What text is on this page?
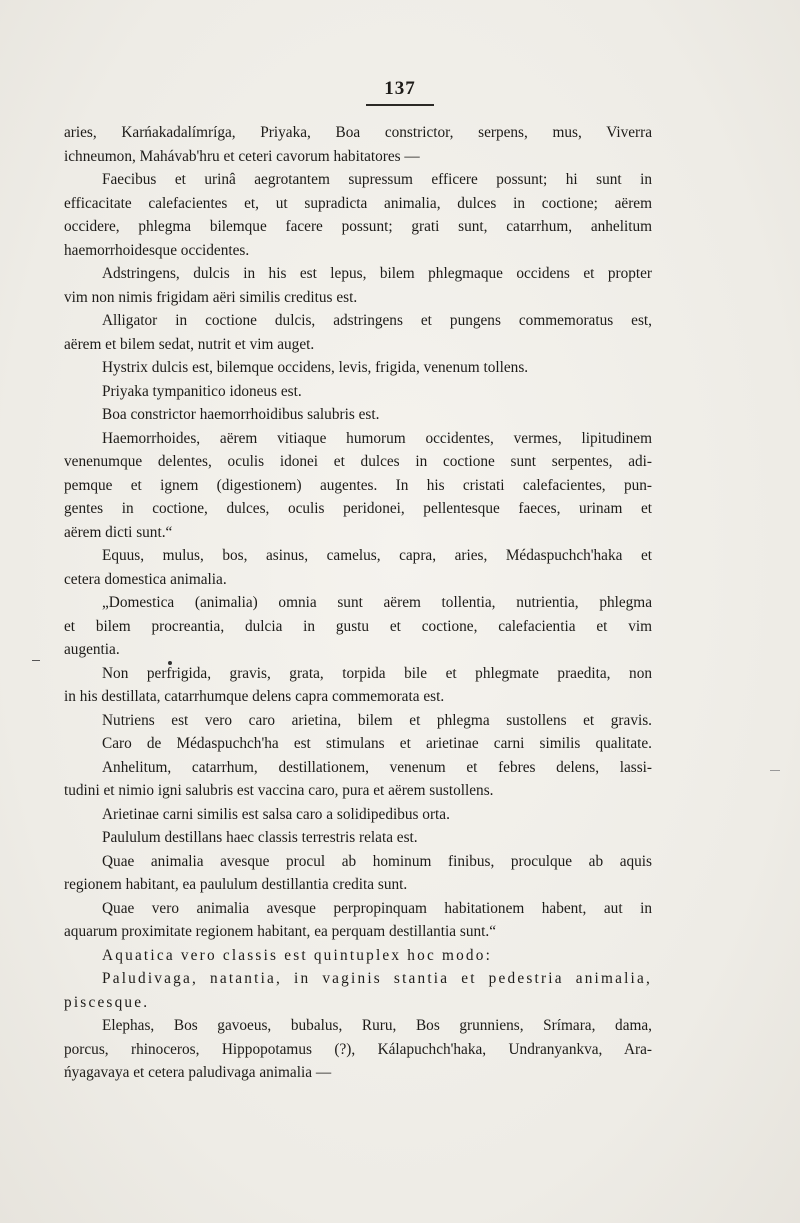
137
aries, Karńakadalímríga, Priyaka, Boa constrictor, serpens, mus, Viverra
ichneumon, Mahávab'hru et ceteri cavorum habitatores —
Faecibus et urinâ aegrotantem supressum efficere possunt; hi sunt in
efficacitate calefacientes et, ut supradicta animalia, dulces in coctione; aërem
occidere, phlegma bilemque facere possunt; grati sunt, catarrhum, anhelitum
haemorrhoidesque occidentes.
Adstringens, dulcis in his est lepus, bilem phlegmaque occidens et propter
vim non nimis frigidam aëri similis creditus est.
Alligator in coctione dulcis, adstringens et pungens commemoratus est,
aërem et bilem sedat, nutrit et vim auget.
Hystrix dulcis est, bilemque occidens, levis, frigida, venenum tollens.
Priyaka tympanitico idoneus est.
Boa constrictor haemorrhoidibus salubris est.
Haemorrhoides, aërem vitiaque humorum occidentes, vermes, lipitudinem
venenumque delentes, oculis idonei et dulces in coctione sunt serpentes, adi-
pemque et ignem (digestionem) augentes. In his cristati calefacientes, pun-
gentes in coctione, dulces, oculis peridonei, pellentesque faeces, urinam et
aërem dicti sunt.“
Equus, mulus, bos, asinus, camelus, capra, aries, Médaspuchch'haka et
cetera domestica animalia.
„Domestica (animalia) omnia sunt aërem tollentia, nutrientia, phlegma
et bilem procreantia, dulcia in gustu et coctione, calefacientia et vim
augentia.
Non perfrigida, gravis, grata, torpida bile et phlegmate praedita, non
in his destillata, catarrhumque delens capra commemorata est.
Nutriens est vero caro arietina, bilem et phlegma sustollens et gravis.
Caro de Médaspuchch'ha est stimulans et arietinae carni similis qualitate.
Anhelitum, catarrhum, destillationem, venenum et febres delens, lassi-
tudini et nimio igni salubris est vaccina caro, pura et aërem sustollens.
Arietinae carni similis est salsa caro a solidipedibus orta.
Paululum destillans haec classis terrestris relata est.
Quae animalia avesque procul ab hominum finibus, proculque ab aquis
regionem habitant, ea paululum destillantia credita sunt.
Quae vero animalia avesque perpropinquam habitationem habent, aut in
aquarum proximitate regionem habitant, ea perquam destillantia sunt.“
Aquatica vero classis est quintuplex hoc modo:
Paludivaga, natantia, in vaginis stantia et pedestria animalia,
piscesque.
Elephas, Bos gavoeus, bubalus, Ruru, Bos grunniens, Srímara, dama,
porcus, rhinoceros, Hippopotamus (?), Kálapuchch'haka, Undranyankva, Ara-
ńyagavaya et cetera paludivaga animalia —
